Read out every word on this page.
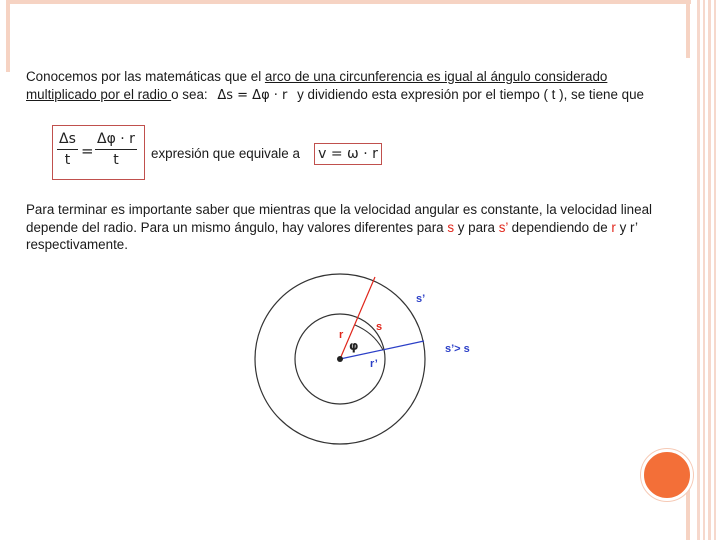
Conocemos por las matemáticas que el arco de una circunferencia es igual al ángulo considerado
multiplicado por el radio o sea: Δs = Δφ · r y dividiendo esta expresión por el tiempo ( t ), se tiene que
Δs
t =
Δφ · r
t	expresión que equivale a v = ω · r
Para terminar es importante saber que mientras que la velocidad angular es constante, la velocidad lineal depende del radio. Para un mismo ángulo, hay valores diferentes para s y para s’ dependiendo de r y r’ respectivamente.
s’
r
s
φ
r’
s’> s
